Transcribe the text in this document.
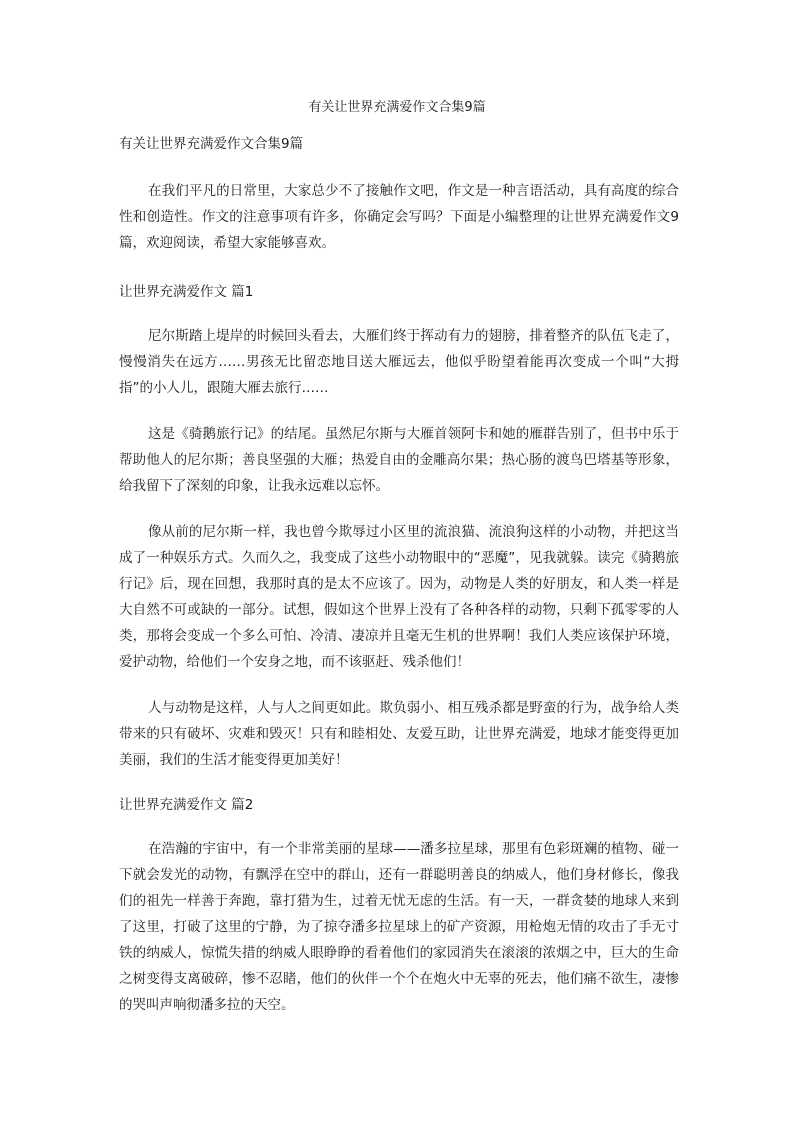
有关让世界充满爱作文合集9篇

有关让世界充满爱作文合集9篇

在我们平凡的日常里，大家总少不了接触作文吧，作文是一种言语活动，具有高度的综合性和创造性。作文的注意事项有许多，你确定会写吗？下面是小编整理的让世界充满爱作文9篇，欢迎阅读，希望大家能够喜欢。

让世界充满爱作文 篇1

尼尔斯踏上堤岸的时候回头看去，大雁们终于挥动有力的翅膀，排着整齐的队伍飞走了，慢慢消失在远方……男孩无比留恋地目送大雁远去，他似乎盼望着能再次变成一个叫“大拇指”的小人儿，跟随大雁去旅行……

这是《骑鹅旅行记》的结尾。虽然尼尔斯与大雁首领阿卡和她的雁群告别了，但书中乐于帮助他人的尼尔斯；善良坚强的大雁；热爱自由的金雕高尔果；热心肠的渡鸟巴塔基等形象，给我留下了深刻的印象，让我永远难以忘怀。

像从前的尼尔斯一样，我也曾今欺辱过小区里的流浪猫、流浪狗这样的小动物，并把这当成了一种娱乐方式。久而久之，我变成了这些小动物眼中的“恶魔”，见我就躲。读完《骑鹅旅行记》后，现在回想，我那时真的是太不应该了。因为，动物是人类的好朋友，和人类一样是大自然不可或缺的一部分。试想，假如这个世界上没有了各种各样的动物，只剩下孤零零的人类，那将会变成一个多么可怕、冷清、凄凉并且毫无生机的世界啊！我们人类应该保护环境，爱护动物，给他们一个安身之地，而不该驱赶、残杀他们！

人与动物是这样，人与人之间更如此。欺负弱小、相互残杀都是野蛮的行为，战争给人类带来的只有破坏、灾难和毁灭！只有和睦相处、友爱互助，让世界充满爱，地球才能变得更加美丽，我们的生活才能变得更加美好！

让世界充满爱作文 篇2

在浩瀚的宇宙中，有一个非常美丽的星球——潘多拉星球，那里有色彩斑斓的植物、碰一下就会发光的动物，有飘浮在空中的群山，还有一群聪明善良的纳威人，他们身材修长，像我们的祖先一样善于奔跑，靠打猎为生，过着无忧无虑的生活。有一天，一群贪婪的地球人来到了这里，打破了这里的宁静，为了掠夺潘多拉星球上的矿产资源，用枪炮无情的攻击了手无寸铁的纳威人，惊慌失措的纳威人眼睁睁的看着他们的家园消失在滚滚的浓烟之中，巨大的生命之树变得支离破碎，惨不忍睹，他们的伙伴一个个在炮火中无辜的死去，他们痛不欲生，凄惨的哭叫声响彻潘多拉的天空。
